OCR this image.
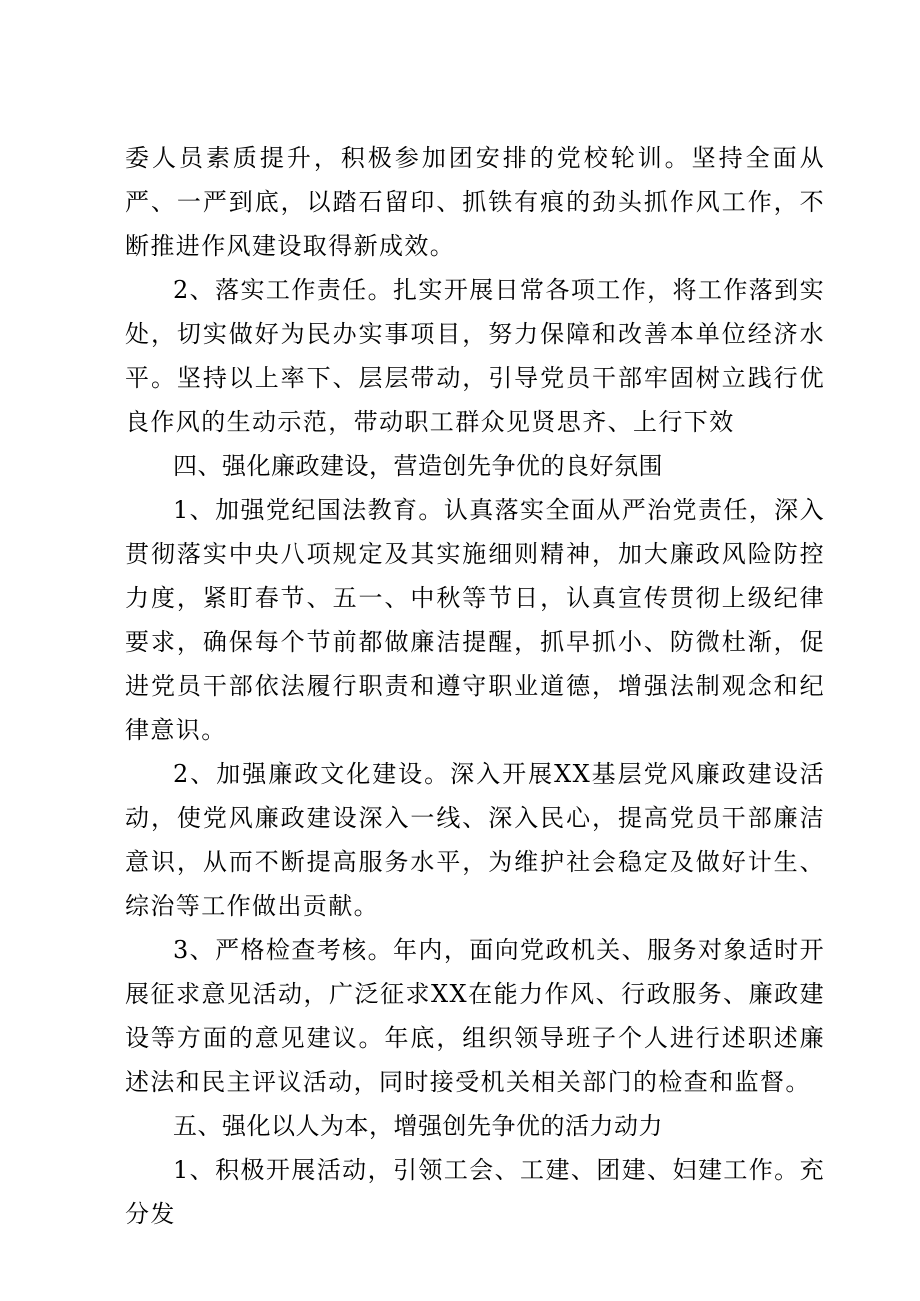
委人员素质提升，积极参加团安排的党校轮训。坚持全面从严、一严到底，以踏石留印、抓铁有痕的劲头抓作风工作，不断推进作风建设取得新成效。

2、落实工作责任。扎实开展日常各项工作，将工作落到实处，切实做好为民办实事项目，努力保障和改善本单位经济水平。坚持以上率下、层层带动，引导党员干部牢固树立践行优良作风的生动示范，带动职工群众见贤思齐、上行下效

四、强化廉政建设，营造创先争优的良好氛围

1、加强党纪国法教育。认真落实全面从严治党责任，深入贯彻落实中央八项规定及其实施细则精神，加大廉政风险防控力度，紧盯春节、五一、中秋等节日，认真宣传贯彻上级纪律要求，确保每个节前都做廉洁提醒，抓早抓小、防微杜渐，促进党员干部依法履行职责和遵守职业道德，增强法制观念和纪律意识。

2、加强廉政文化建设。深入开展XX基层党风廉政建设活动，使党风廉政建设深入一线、深入民心，提高党员干部廉洁意识，从而不断提高服务水平，为维护社会稳定及做好计生、综治等工作做出贡献。

3、严格检查考核。年内，面向党政机关、服务对象适时开展征求意见活动，广泛征求XX在能力作风、行政服务、廉政建设等方面的意见建议。年底，组织领导班子个人进行述职述廉述法和民主评议活动，同时接受机关相关部门的检查和监督。

五、强化以人为本，增强创先争优的活力动力

1、积极开展活动，引领工会、工建、团建、妇建工作。充分发
